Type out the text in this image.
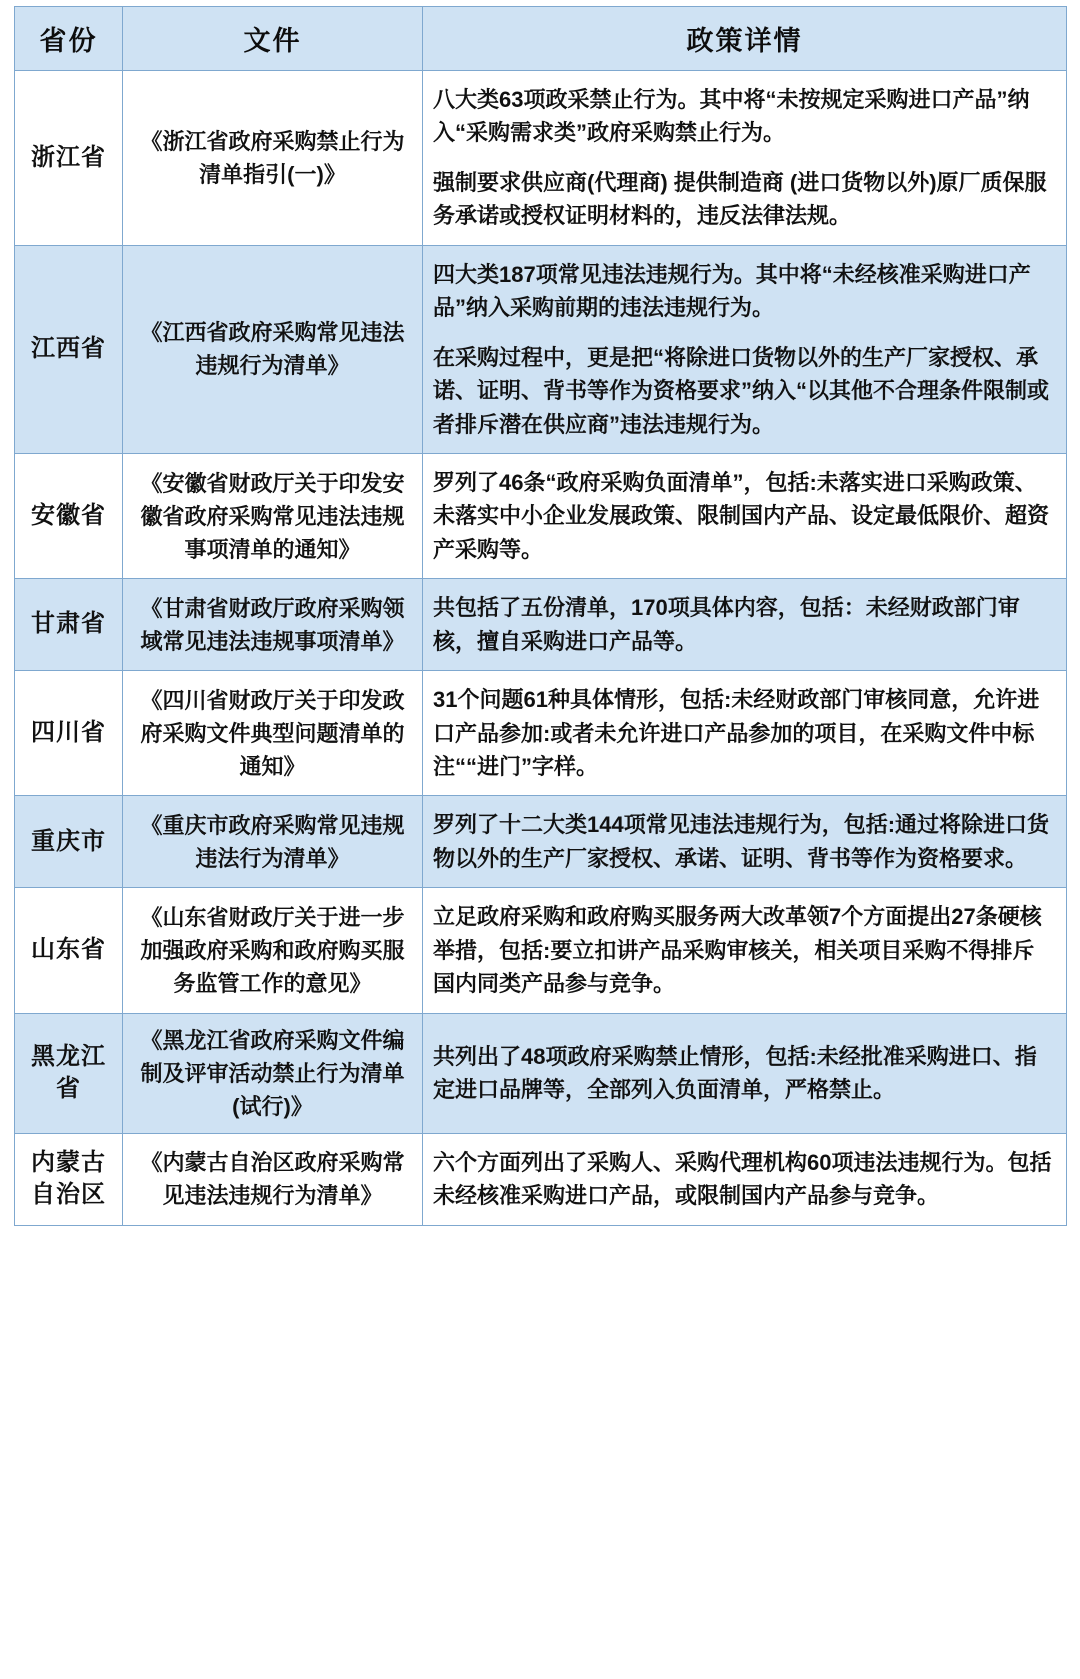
省份	文件	政策详情
浙江省	《浙江省政府采购禁止行为清单指引(一)》	八大类63项政采禁止行为。其中将“未按规定采购进口产品”纳入“采购需求类”政府采购禁止行为。

强制要求供应商(代理商) 提供制造商 (进口货物以外)原厂质保服务承诺或授权证明材料的，违反法律法规。

江西省	《江西省政府采购常见违法违规行为清单》	四大类187项常见违法违规行为。其中将“未经核准采购进口产品”纳入采购前期的违法违规行为。

在采购过程中，更是把“将除进口货物以外的生产厂家授权、承诺、证明、背书等作为资格要求”纳入“以其他不合理条件限制或者排斥潜在供应商”违法违规行为。

安徽省	《安徽省财政厅关于印发安徽省政府采购常见违法违规事项清单的通知》	罗列了46条“政府采购负面清单”，包括:未落实进口采购政策、未落实中小企业发展政策、限制国内产品、设定最低限价、超资产采购等。

甘肃省	《甘肃省财政厅政府采购领域常见违法违规事项清单》	共包括了五份清单，170项具体内容，包括：未经财政部门审核，擅自采购进口产品等。

四川省	《四川省财政厅关于印发政府采购文件典型问题清单的通知》	31个问题61种具体情形，包括:未经财政部门审核同意，允许进口产品参加:或者未允许进口产品参加的项目，在采购文件中标注““进门”字样。

重庆市	《重庆市政府采购常见违规违法行为清单》	罗列了十二大类144项常见违法违规行为，包括:通过将除进口货物以外的生产厂家授权、承诺、证明、背书等作为资格要求。

山东省	《山东省财政厅关于进一步加强政府采购和政府购买服务监管工作的意见》	立足政府采购和政府购买服务两大改革领7个方面提出27条硬核举措，包括:要立扣讲产品采购审核关，相关项目采购不得排斥国内同类产品参与竞争。

黑龙江省	《黑龙江省政府采购文件编制及评审活动禁止行为清单(试行)》	共列出了48项政府采购禁止情形，包括:未经批准采购进口、指定进口品牌等，全部列入负面清单，严格禁止。

内蒙古自治区	《内蒙古自治区政府采购常见违法违规行为清单》	六个方面列出了采购人、采购代理机构60项违法违规行为。包括未经核准采购进口产品，或限制国内产品参与竞争。
